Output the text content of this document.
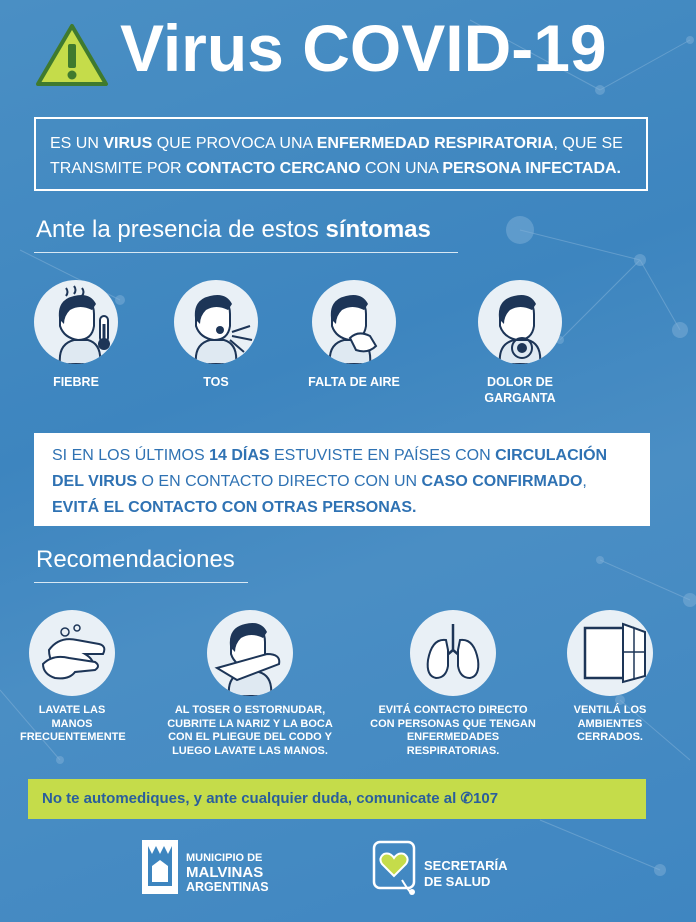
Virus COVID-19
ES UN VIRUS QUE PROVOCA UNA ENFERMEDAD RESPIRATORIA, QUE SE TRANSMITE POR CONTACTO CERCANO CON UNA PERSONA INFECTADA.
Ante la presencia de estos síntomas
FIEBRE	TOS	FALTA DE AIRE	DOLOR DE GARGANTA
SI EN LOS ÚLTIMOS 14 DÍAS ESTUVISTE EN PAÍSES CON CIRCULACIÓN DEL VIRUS O EN CONTACTO DIRECTO CON UN CASO CONFIRMADO, EVITÁ EL CONTACTO CON OTRAS PERSONAS.
Recomendaciones
LAVATE LAS MANOS FRECUENTEMENTE
AL TOSER O ESTORNUDAR, CUBRITE LA NARIZ Y LA BOCA CON EL PLIEGUE DEL CODO Y LUEGO LAVATE LAS MANOS.
EVITÁ CONTACTO DIRECTO CON PERSONAS QUE TENGAN ENFERMEDADES RESPIRATORIAS.
VENTILÁ LOS AMBIENTES CERRADOS.
No te automediques, y ante cualquier duda, comunicate al ✆107
MUNICIPIO DE
MALVINAS
ARGENTINAS
SECRETARÍA
DE SALUD
